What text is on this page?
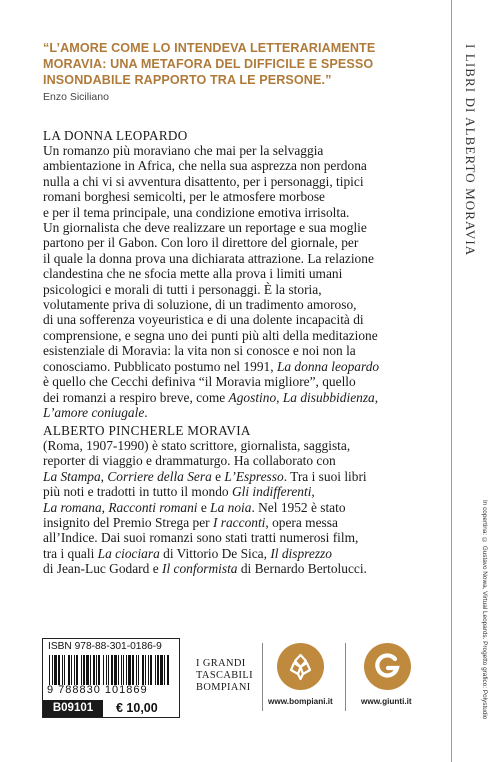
“L’AMORE COME LO INTENDEVA LETTERARIAMENTE
MORAVIA: UNA METAFORA DEL DIFFICILE E SPESSO
INSONDABILE RAPPORTO TRA LE PERSONE.”
Enzo Siciliano
LA DONNA LEOPARDO
Un romanzo più moraviano che mai per la selvaggia
ambientazione in Africa, che nella sua asprezza non perdona
nulla a chi vi si avventura disattento, per i personaggi, tipici
romani borghesi semicolti, per le atmosfere morbose
e per il tema principale, una condizione emotiva irrisolta.
Un giornalista che deve realizzare un reportage e sua moglie
partono per il Gabon. Con loro il direttore del giornale, per
il quale la donna prova una dichiarata attrazione. La relazione
clandestina che ne sfocia mette alla prova i limiti umani
psicologici e morali di tutti i personaggi. È la storia,
volutamente priva di soluzione, di un tradimento amoroso,
di una sofferenza voyeuristica e di una dolente incapacità di
comprensione, e segna uno dei punti più alti della meditazione
esistenziale di Moravia: la vita non si conosce e noi non la
conosciamo. Pubblicato postumo nel 1991, La donna leopardo
è quello che Cecchi definiva “il Moravia migliore”, quello
dei romanzi a respiro breve, come Agostino, La disubbidienza,
L’amore coniugale.
ALBERTO PINCHERLE MORAVIA
(Roma, 1907-1990) è stato scrittore, giornalista, saggista,
reporter di viaggio e drammaturgo. Ha collaborato con
La Stampa, Corriere della Sera e L’Espresso. Tra i suoi libri
più noti e tradotti in tutto il mondo Gli indifferenti,
La romana, Racconti romani e La noia. Nel 1952 è stato
insignito del Premio Strega per I racconti, opera messa
all’Indice. Dai suoi romanzi sono stati tratti numerosi film,
tra i quali La ciociara di Vittorio De Sica, Il disprezzo
di Jean-Luc Godard e Il conformista di Bernardo Bertolucci.
I LIBRI DI ALBERTO MORAVIA
In copertina: © Gustavo Nowa, Virtual Leopards. Progetto grafico: Polystudio
ISBN 978-88-301-0186-9
9 788830 101869
B09101	€ 10,00
I GRANDI
TASCABILI
BOMPIANI
www.bompiani.it	www.giunti.it
